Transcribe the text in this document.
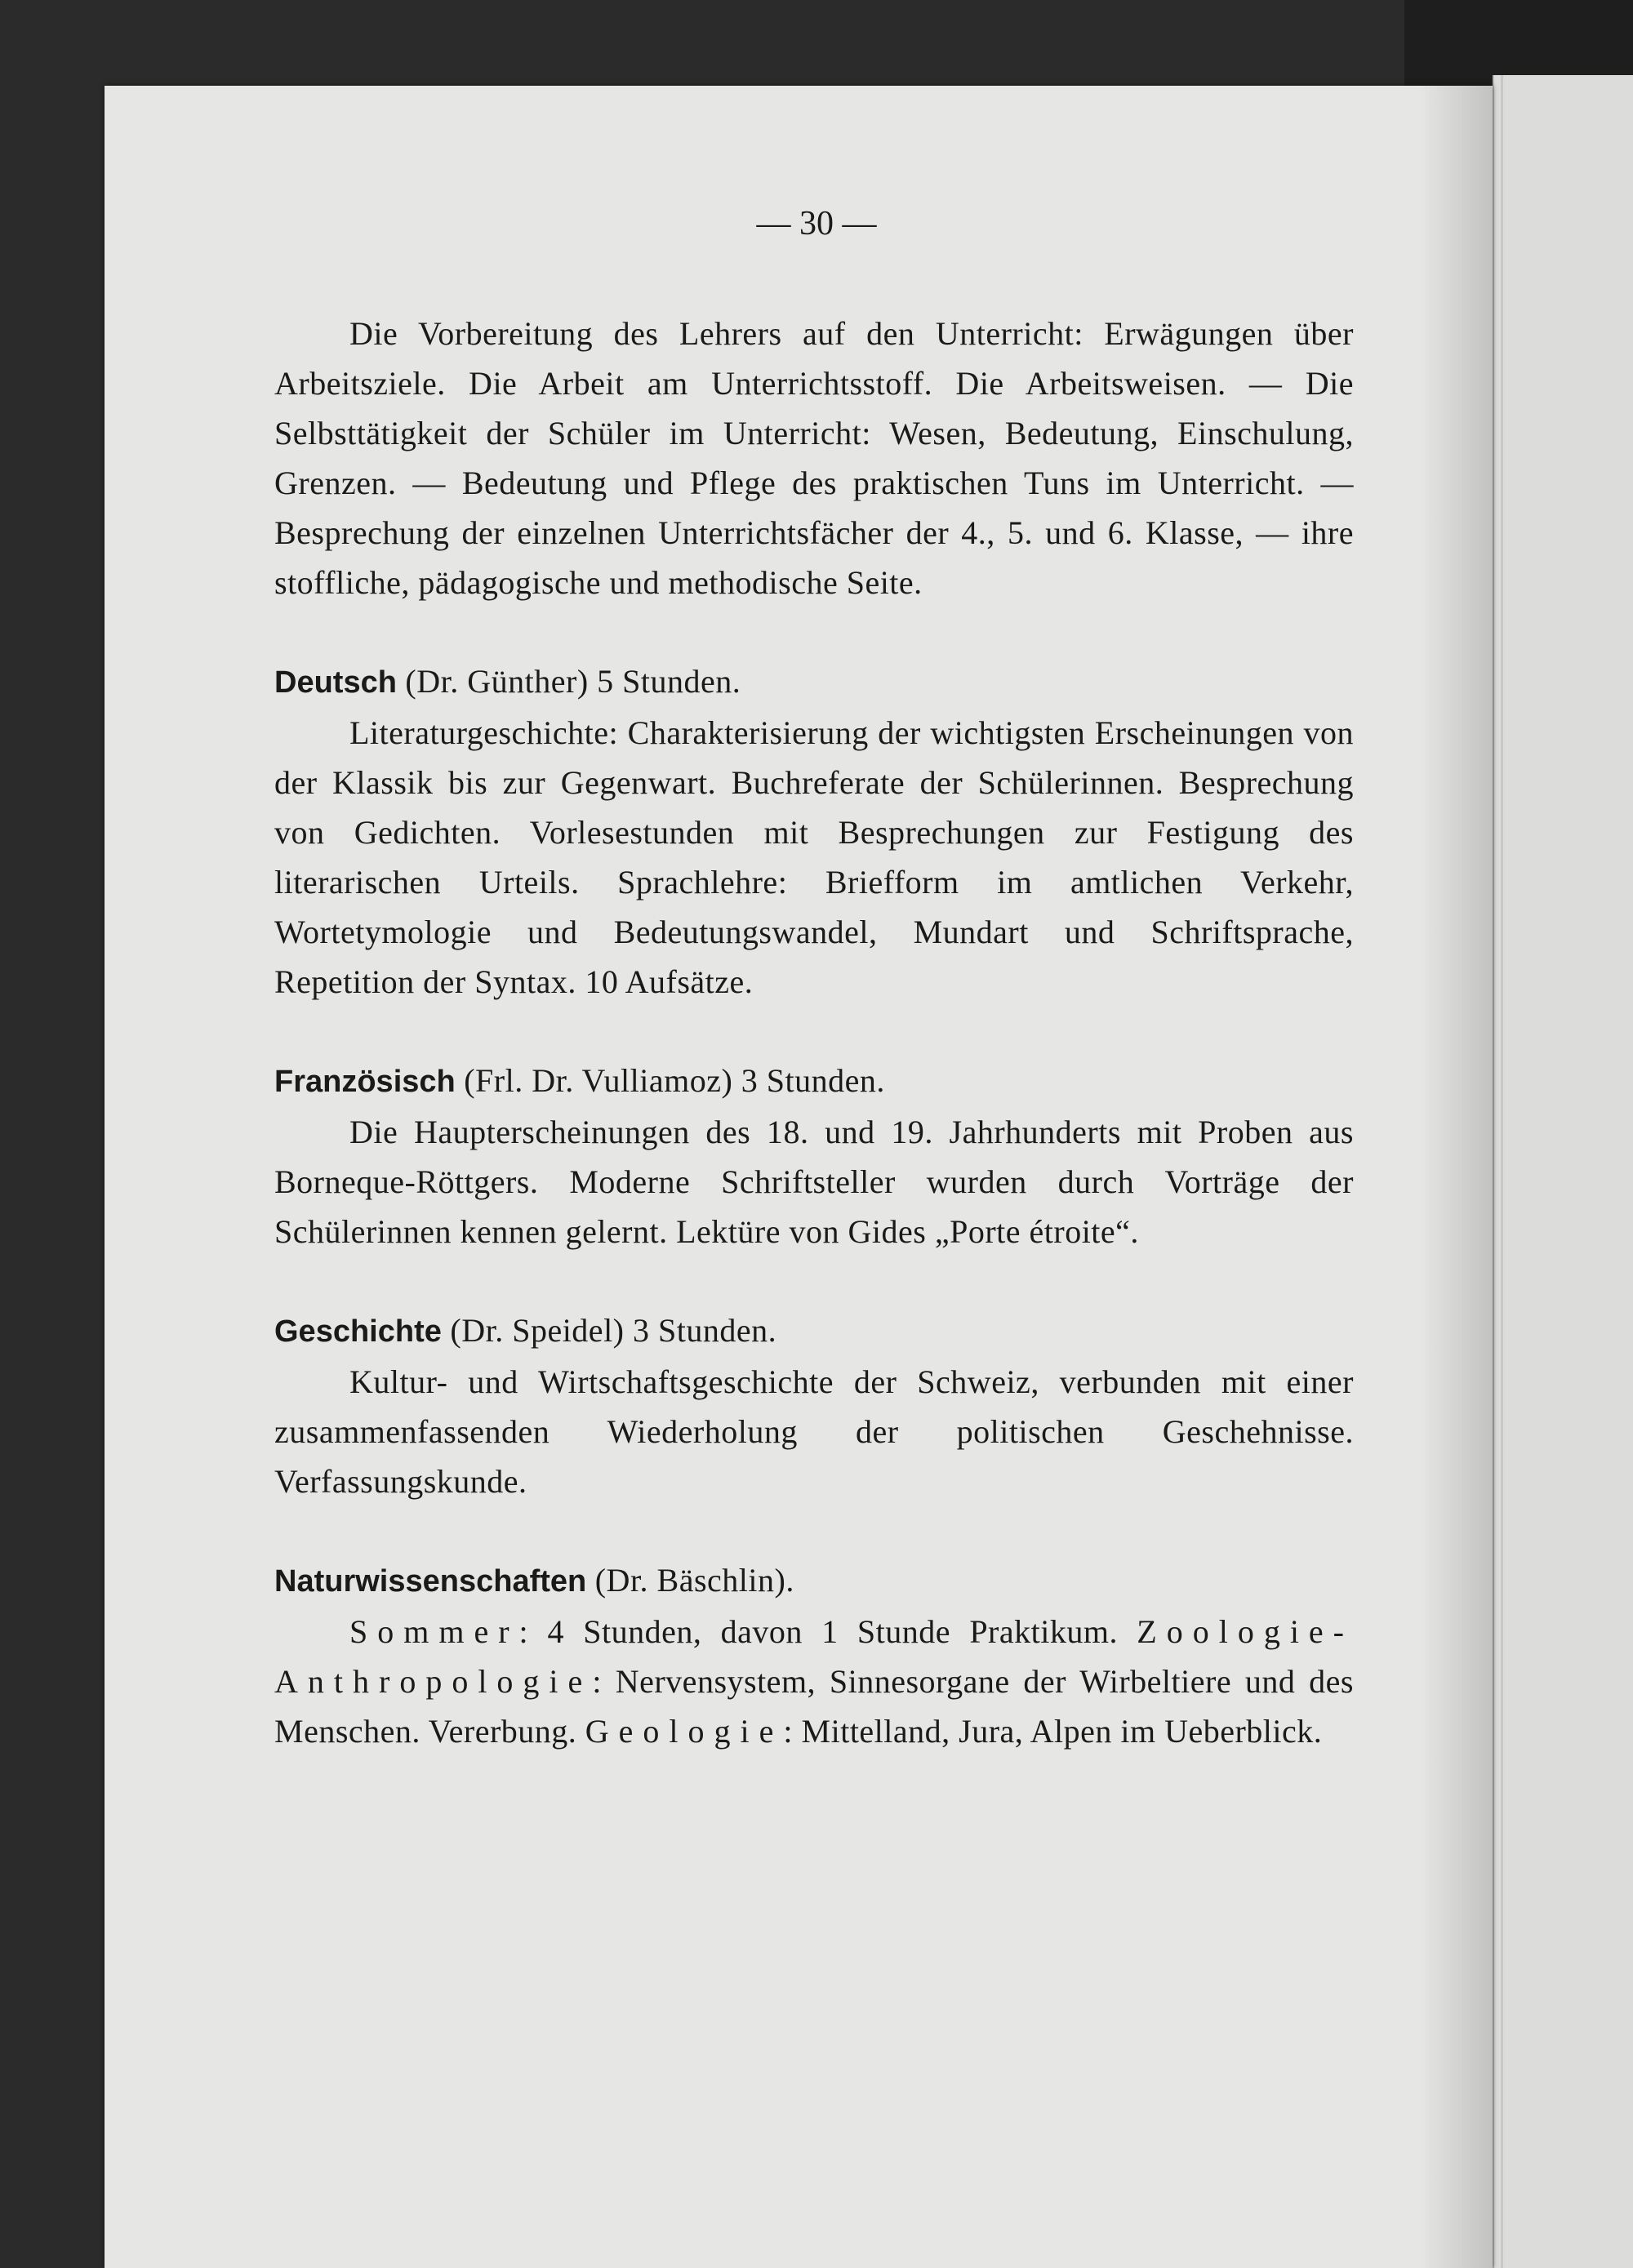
— 30 —

Die Vorbereitung des Lehrers auf den Unterricht: Erwägungen über Arbeitsziele. Die Arbeit am Unterrichtsstoff. Die Arbeitsweisen. — Die Selbsttätigkeit der Schüler im Unterricht: Wesen, Bedeutung, Einschulung, Grenzen. — Bedeutung und Pflege des praktischen Tuns im Unterricht. — Besprechung der einzelnen Unterrichtsfächer der 4., 5. und 6. Klasse, — ihre stoffliche, pädagogische und methodische Seite.

Deutsch (Dr. Günther) 5 Stunden.

Literaturgeschichte: Charakterisierung der wichtigsten Erscheinungen von der Klassik bis zur Gegenwart. Buchreferate der Schülerinnen. Besprechung von Gedichten. Vorlesestunden mit Besprechungen zur Festigung des literarischen Urteils. Sprachlehre: Briefform im amtlichen Verkehr, Wortetymologie und Bedeutungswandel, Mundart und Schriftsprache, Repetition der Syntax. 10 Aufsätze.

Französisch (Frl. Dr. Vulliamoz) 3 Stunden.

Die Haupterscheinungen des 18. und 19. Jahrhunderts mit Proben aus Borneque-Röttgers. Moderne Schriftsteller wurden durch Vorträge der Schülerinnen kennen gelernt. Lektüre von Gides „Porte étroite“.

Geschichte (Dr. Speidel) 3 Stunden.

Kultur- und Wirtschaftsgeschichte der Schweiz, verbunden mit einer zusammenfassenden Wiederholung der politischen Geschehnisse. Verfassungskunde.

Naturwissenschaften (Dr. Bäschlin).

Sommer: 4 Stunden, davon 1 Stunde Praktikum. Zoologie-Anthropologie: Nervensystem, Sinnesorgane der Wirbeltiere und des Menschen. Vererbung. Geologie: Mittelland, Jura, Alpen im Ueberblick.
